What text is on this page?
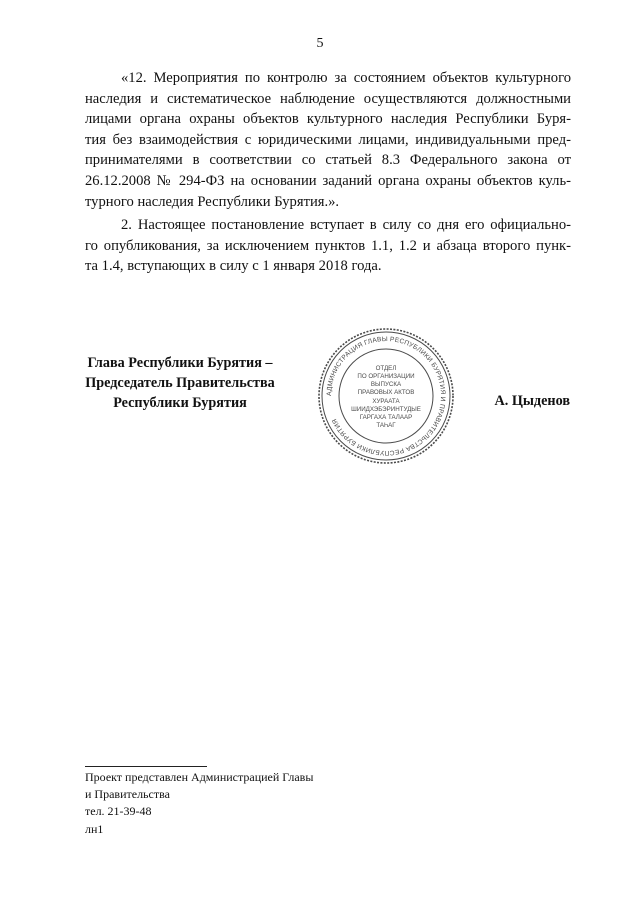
5
«12. Мероприятия по контролю за состоянием объектов культурного
наследия и систематическое наблюдение осуществляются должностными
лицами органа охраны объектов культурного наследия Республики Буря-
тия без взаимодействия с юридическими лицами, индивидуальными пред-
принимателями в соответствии со статьей 8.3 Федерального закона от
26.12.2008 № 294-ФЗ на основании заданий органа охраны объектов куль-
турного наследия Республики Бурятия.».
2. Настоящее постановление вступает в силу со дня его официально-
го опубликования, за исключением пунктов 1.1, 1.2 и абзаца второго пунк-
та 1.4, вступающих в силу с 1 января 2018 года.
Глава Республики Бурятия –
Председатель Правительства
Республики Бурятия
АДМИНИСТРАЦИЯ ГЛАВЫ РЕСПУБЛИКИ БУРЯТИЯ И ПРАВИТЕЛЬСТВА РЕСПУБЛИКИ БУРЯТИЯ
ОТДЕЛ
ПО ОРГАНИЗАЦИИ
ВЫПУСКА
ПРАВОВЫХ АКТОВ
ХУРААТА
ШИИДХЭБЭРИНТУДЫЕ
ГАРГАХА ТАЛААР
ТАҺАГ
А. Цыденов
Проект представлен Администрацией Главы
и Правительства
тел. 21-39-48
лн1
